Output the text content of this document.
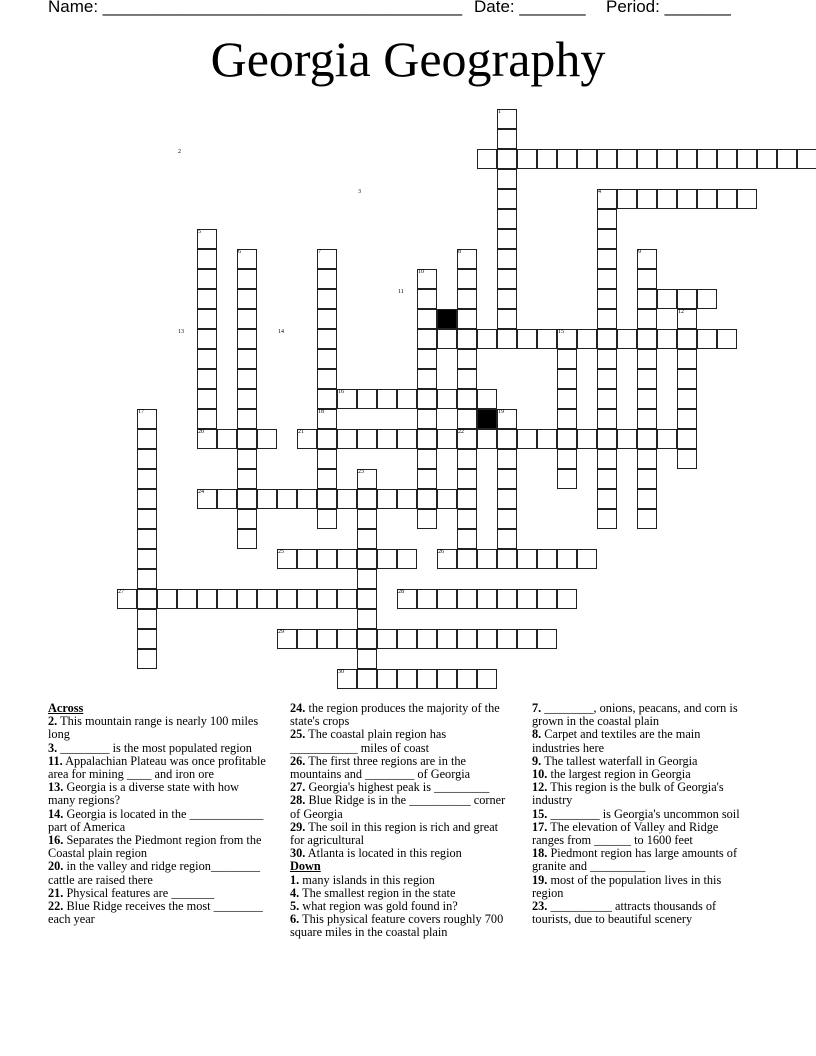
Name: ______________________________________ Date: _______ Period: _______
Georgia Geography
1
2
3	4
5
6	7	8	9
10
11
12
13	14	15
16
17	18	19
20	21	22
23
24
25	26
27	28
29
30
Across
2. This mountain range is nearly 100 miles long
3. ________ is the most populated region
11. Appalachian Plateau was once profitable area for mining ____ and iron ore
13. Georgia is a diverse state with how many regions?
14. Georgia is located in the ____________ part of America
16. Separates the Piedmont region from the Coastal plain region
20. in the valley and ridge region________ cattle are raised there
21. Physical features are _______
22. Blue Ridge receives the most ________ each year
24. the region produces the majority of the state's crops
25. The coastal plain region has ___________ miles of coast
26. The first three regions are in the mountains and ________ of Georgia
27. Georgia's highest peak is _________
28. Blue Ridge is in the __________ corner of Georgia
29. The soil in this region is rich and great for agricultural
30. Atlanta is located in this region
Down
1. many islands in this region
4. The smallest region in the state
5. what region was gold found in?
6. This physical feature covers roughly 700 square miles in the coastal plain
7. ________, onions, peacans, and corn is grown in the coastal plain
8. Carpet and textiles are the main industries here
9. The tallest waterfall in Georgia
10. the largest region in Georgia
12. This region is the bulk of Georgia's industry
15. ________ is Georgia's uncommon soil
17. The elevation of Valley and Ridge ranges from ______ to 1600 feet
18. Piedmont region has large amounts of granite and _________
19. most of the population lives in this region
23. __________ attracts thousands of tourists, due to beautiful scenery
